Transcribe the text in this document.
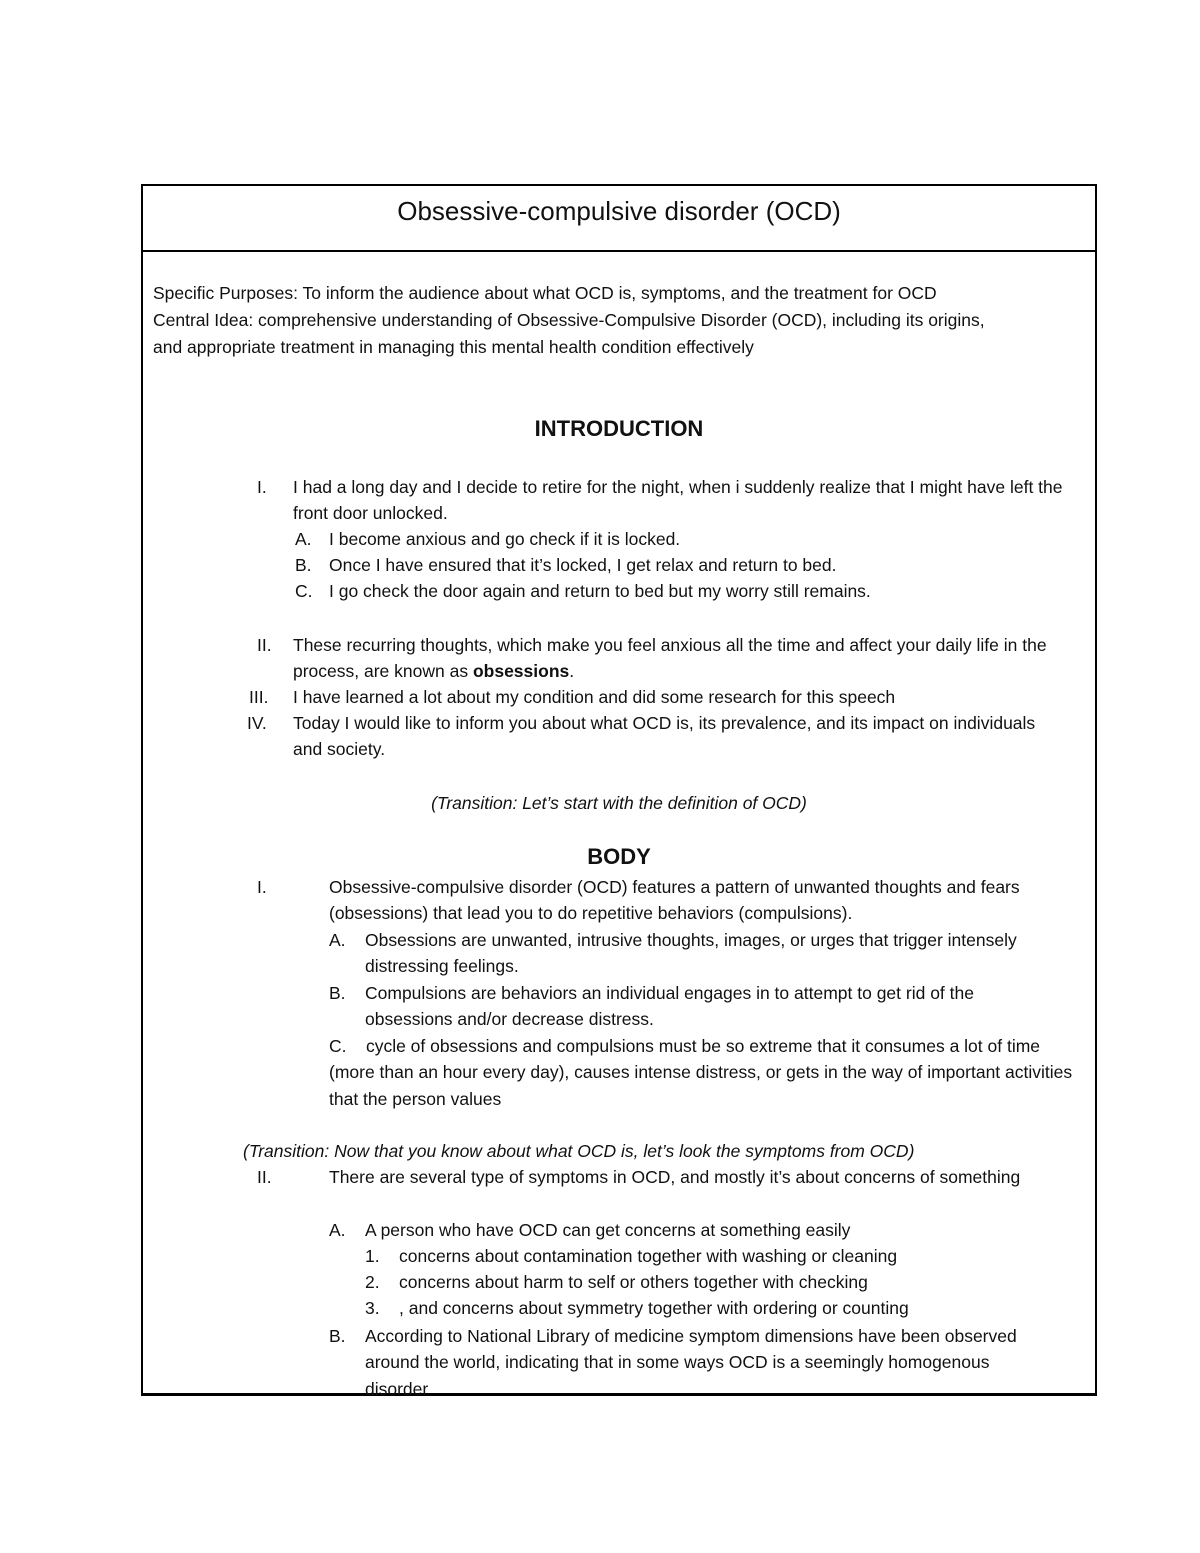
Obsessive-compulsive disorder (OCD)
Specific Purposes: To inform the audience about what OCD is, symptoms, and the treatment for OCD
Central Idea: comprehensive understanding of Obsessive-Compulsive Disorder (OCD), including its origins,
and appropriate treatment in managing this mental health condition effectively
INTRODUCTION
I. I had a long day and I decide to retire for the night, when i suddenly realize that I might have left the front door unlocked.
A. I become anxious and go check if it is locked.
B. Once I have ensured that it’s locked, I get relax and return to bed.
C. I go check the door again and return to bed but my worry still remains.
II. These recurring thoughts, which make you feel anxious all the time and affect your daily life in the process, are known as obsessions.
III. I have learned a lot about my condition and did some research for this speech
IV. Today I would like to inform you about what OCD is, its prevalence, and its impact on individuals and society.
(Transition: Let’s start with the definition of OCD)
BODY
I.	Obsessive-compulsive disorder (OCD) features a pattern of unwanted thoughts and fears (obsessions) that lead you to do repetitive behaviors (compulsions).
A. Obsessions are unwanted, intrusive thoughts, images, or urges that trigger intensely distressing feelings.
B. Compulsions are behaviors an individual engages in to attempt to get rid of the obsessions and/or decrease distress.
C. cycle of obsessions and compulsions must be so extreme that it consumes a lot of time (more than an hour every day), causes intense distress, or gets in the way of important activities that the person values
(Transition: Now that you know about what OCD is, let’s look the symptoms from OCD)
II.	There are several type of symptoms in OCD, and mostly it’s about concerns of something
A. A person who have OCD can get concerns at something easily
1. concerns about contamination together with washing or cleaning
2. concerns about harm to self or others together with checking
3. , and concerns about symmetry together with ordering or counting
B. According to National Library of medicine symptom dimensions have been observed around the world, indicating that in some ways OCD is a seemingly homogenous disorder
